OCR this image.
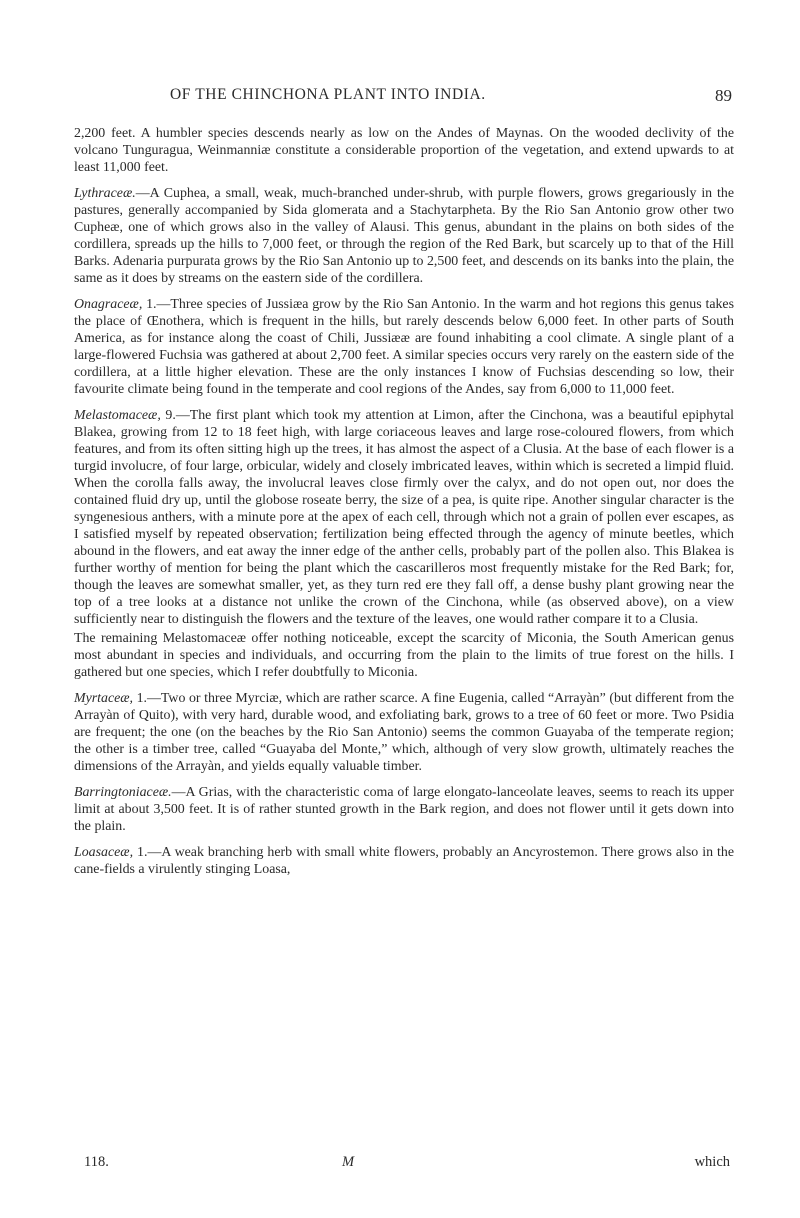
OF THE CHINCHONA PLANT INTO INDIA.	89

2,200 feet. A humbler species descends nearly as low on the Andes of Maynas. On the wooded declivity of the volcano Tunguragua, Weinmanniæ constitute a considerable proportion of the vegetation, and extend upwards to at least 11,000 feet.

Lythraceæ.—A Cuphea, a small, weak, much-branched under-shrub, with purple flowers, grows gregariously in the pastures, generally accompanied by Sida glomerata and a Stachytarpheta. By the Rio San Antonio grow other two Cupheæ, one of which grows also in the valley of Alausi. This genus, abundant in the plains on both sides of the cordillera, spreads up the hills to 7,000 feet, or through the region of the Red Bark, but scarcely up to that of the Hill Barks. Adenaria purpurata grows by the Rio San Antonio up to 2,500 feet, and descends on its banks into the plain, the same as it does by streams on the eastern side of the cordillera.

Onagraceæ, 1.—Three species of Jussiæa grow by the Rio San Antonio. In the warm and hot regions this genus takes the place of Œnothera, which is frequent in the hills, but rarely descends below 6,000 feet. In other parts of South America, as for instance along the coast of Chili, Jussiææ are found inhabiting a cool climate. A single plant of a large-flowered Fuchsia was gathered at about 2,700 feet. A similar species occurs very rarely on the eastern side of the cordillera, at a little higher elevation. These are the only instances I know of Fuchsias descending so low, their favourite climate being found in the temperate and cool regions of the Andes, say from 6,000 to 11,000 feet.

Melastomaceæ, 9.—The first plant which took my attention at Limon, after the Cinchona, was a beautiful epiphytal Blakea, growing from 12 to 18 feet high, with large coriaceous leaves and large rose-coloured flowers, from which features, and from its often sitting high up the trees, it has almost the aspect of a Clusia. At the base of each flower is a turgid involucre, of four large, orbicular, widely and closely imbricated leaves, within which is secreted a limpid fluid. When the corolla falls away, the involucral leaves close firmly over the calyx, and do not open out, nor does the contained fluid dry up, until the globose roseate berry, the size of a pea, is quite ripe. Another singular character is the syngenesious anthers, with a minute pore at the apex of each cell, through which not a grain of pollen ever escapes, as I satisfied myself by repeated observation; fertilization being effected through the agency of minute beetles, which abound in the flowers, and eat away the inner edge of the anther cells, probably part of the pollen also. This Blakea is further worthy of mention for being the plant which the cascarilleros most frequently mistake for the Red Bark; for, though the leaves are somewhat smaller, yet, as they turn red ere they fall off, a dense bushy plant growing near the top of a tree looks at a distance not unlike the crown of the Cinchona, while (as observed above), on a view sufficiently near to distinguish the flowers and the texture of the leaves, one would rather compare it to a Clusia.

The remaining Melastomaceæ offer nothing noticeable, except the scarcity of Miconia, the South American genus most abundant in species and individuals, and occurring from the plain to the limits of true forest on the hills. I gathered but one species, which I refer doubtfully to Miconia.

Myrtaceæ, 1.—Two or three Myrciæ, which are rather scarce. A fine Eugenia, called “Arrayàn” (but different from the Arrayàn of Quito), with very hard, durable wood, and exfoliating bark, grows to a tree of 60 feet or more. Two Psidia are frequent; the one (on the beaches by the Rio San Antonio) seems the common Guayaba of the temperate region; the other is a timber tree, called “Guayaba del Monte,” which, although of very slow growth, ultimately reaches the dimensions of the Arrayàn, and yields equally valuable timber.

Barringtoniaceæ.—A Grias, with the characteristic coma of large elongato-lanceolate leaves, seems to reach its upper limit at about 3,500 feet. It is of rather stunted growth in the Bark region, and does not flower until it gets down into the plain.

Loasaceæ, 1.—A weak branching herb with small white flowers, probably an Ancyrostemon. There grows also in the cane-fields a virulently stinging Loasa,

118.	M	which
